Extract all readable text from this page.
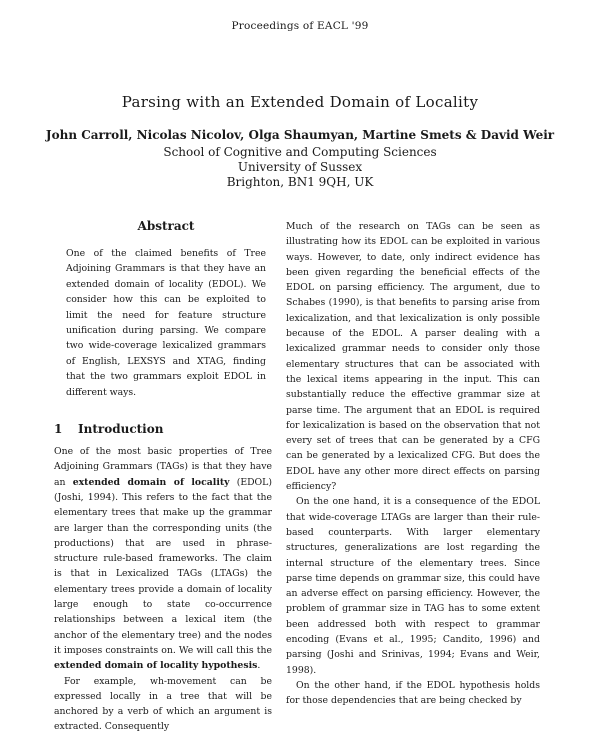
Proceedings of EACL '99
Parsing with an Extended Domain of Locality
John Carroll, Nicolas Nicolov, Olga Shaumyan, Martine Smets & David Weir
School of Cognitive and Computing Sciences
University of Sussex
Brighton, BN1 9QH, UK
Abstract

One of the claimed benefits of Tree Adjoining Grammars is that they have an extended domain of locality (EDOL). We consider how this can be exploited to limit the need for feature structure unification during parsing. We compare two wide-coverage lexicalized grammars of English, LEXSYS and XTAG, finding that the two grammars exploit EDOL in different ways.

1 Introduction

One of the most basic properties of Tree Adjoining Grammars (TAGs) is that they have an extended domain of locality (EDOL) (Joshi, 1994). This refers to the fact that the elementary trees that make up the grammar are larger than the corresponding units (the productions) that are used in phrase-structure rule-based frameworks. The claim is that in Lexicalized TAGs (LTAGs) the elementary trees provide a domain of locality large enough to state co-occurrence relationships between a lexical item (the anchor of the elementary tree) and the nodes it imposes constraints on. We will call this the extended domain of locality hypothesis.

For example, wh-movement can be expressed locally in a tree that will be anchored by a verb of which an argument is extracted. Consequently

Much of the research on TAGs can be seen as illustrating how its EDOL can be exploited in various ways. However, to date, only indirect evidence has been given regarding the beneficial effects of the EDOL on parsing efficiency. The argument, due to Schabes (1990), is that benefits to parsing arise from lexicalization, and that lexicalization is only possible because of the EDOL. A parser dealing with a lexicalized grammar needs to consider only those elementary structures that can be associated with the lexical items appearing in the input. This can substantially reduce the effective grammar size at parse time. The argument that an EDOL is required for lexicalization is based on the observation that not every set of trees that can be generated by a CFG can be generated by a lexicalized CFG. But does the EDOL have any other more direct effects on parsing efficiency?

On the one hand, it is a consequence of the EDOL that wide-coverage LTAGs are larger than their rule-based counterparts. With larger elementary structures, generalizations are lost regarding the internal structure of the elementary trees. Since parse time depends on grammar size, this could have an adverse effect on parsing efficiency. However, the problem of grammar size in TAG has to some extent been addressed both with respect to grammar encoding (Evans et al., 1995; Candito, 1996) and parsing (Joshi and Srinivas, 1994; Evans and Weir, 1998).

On the other hand, if the EDOL hypothesis holds for those dependencies that are being checked by
